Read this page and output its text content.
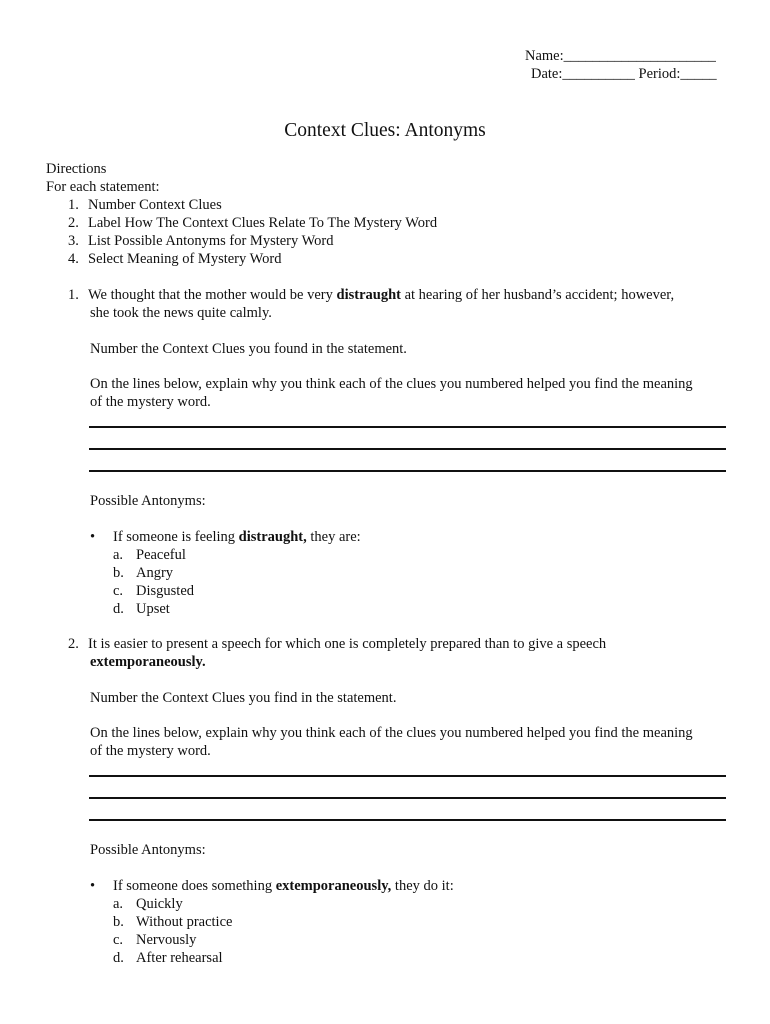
Name:_____________________
Date:__________ Period:_____
Context Clues: Antonyms
Directions
For each statement:
1. Number Context Clues
2. Label How The Context Clues Relate To The Mystery Word
3. List Possible Antonyms for Mystery Word
4. Select Meaning of Mystery Word
1. We thought that the mother would be very distraught at hearing of her husband’s accident; however,
she took the news quite calmly.
Number the Context Clues you found in the statement.
On the lines below, explain why you think each of the clues you numbered helped you find the meaning
of the mystery word.
Possible Antonyms:
• If someone is feeling distraught, they are:
a. Peaceful
b. Angry
c. Disgusted
d. Upset
2. It is easier to present a speech for which one is completely prepared than to give a speech
extemporaneously.
Number the Context Clues you find in the statement.
On the lines below, explain why you think each of the clues you numbered helped you find the meaning
of the mystery word.
Possible Antonyms:
• If someone does something extemporaneously, they do it:
a. Quickly
b. Without practice
c. Nervously
d. After rehearsal
